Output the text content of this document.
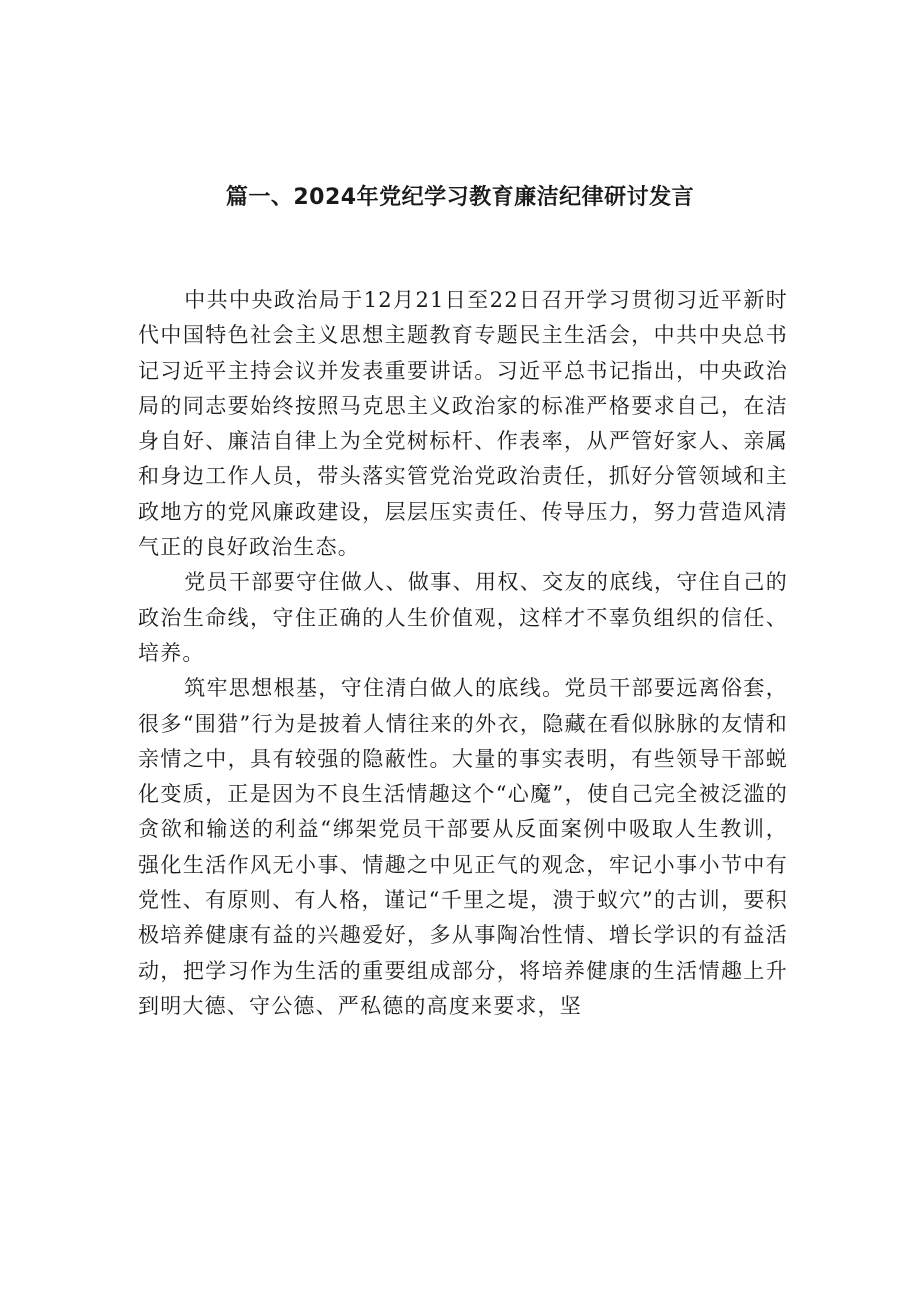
篇一、2024年党纪学习教育廉洁纪律研讨发言

中共中央政治局于12月21日至22日召开学习贯彻习近平新时代中国特色社会主义思想主题教育专题民主生活会，中共中央总书记习近平主持会议并发表重要讲话。习近平总书记指出，中央政治局的同志要始终按照马克思主义政治家的标准严格要求自己，在洁身自好、廉洁自律上为全党树标杆、作表率，从严管好家人、亲属和身边工作人员，带头落实管党治党政治责任，抓好分管领域和主政地方的党风廉政建设，层层压实责任、传导压力，努力营造风清气正的良好政治生态。

党员干部要守住做人、做事、用权、交友的底线，守住自己的政治生命线，守住正确的人生价值观，这样才不辜负组织的信任、培养。

筑牢思想根基，守住清白做人的底线。党员干部要远离俗套，很多“围猎”行为是披着人情往来的外衣，隐藏在看似脉脉的友情和亲情之中，具有较强的隐蔽性。大量的事实表明，有些领导干部蜕化变质，正是因为不良生活情趣这个“心魔”，使自己完全被泛滥的贪欲和输送的利益“绑架党员干部要从反面案例中吸取人生教训，强化生活作风无小事、情趣之中见正气的观念，牢记小事小节中有党性、有原则、有人格，谨记“千里之堤，溃于蚁穴”的古训，要积极培养健康有益的兴趣爱好，多从事陶冶性情、增长学识的有益活动，把学习作为生活的重要组成部分，将培养健康的生活情趣上升到明大德、守公德、严私德的高度来要求，坚
